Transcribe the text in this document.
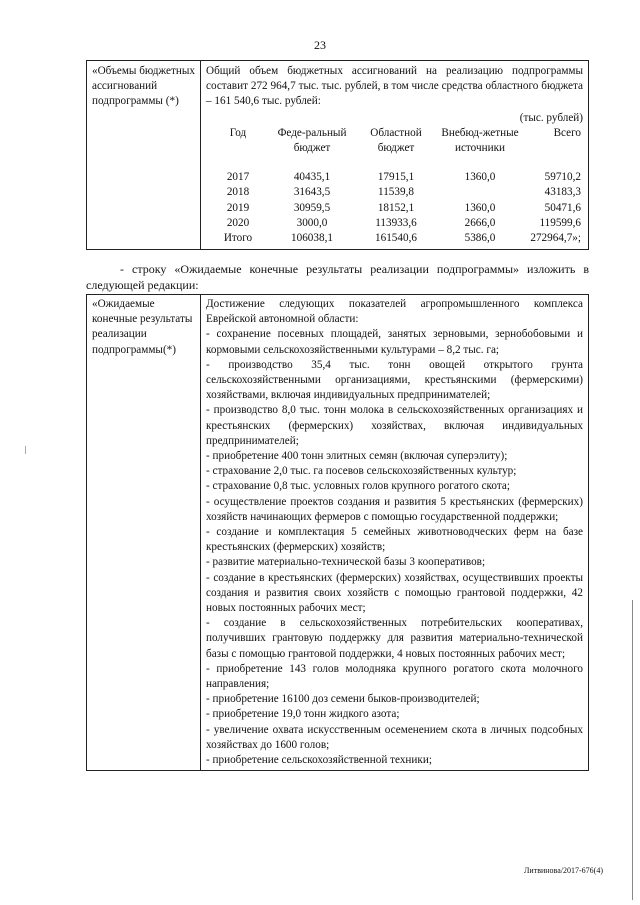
23
«Объемы бюджетных ассигнований подпрограммы (*)	
Общий объем бюджетных ассигнований на реализацию подпрограммы составит 272 964,7 тыс. тыс. рублей, в том числе средства областного бюджета – 161 540,6 тыс. рублей:
(тыс. рублей)
Год	Феде-ральный бюджет	Областной бюджет	Внебюд-жетные источники	Всего
2017	40435,1	17915,1	1360,0	59710,2
2018	31643,5	11539,8		43183,3
2019	30959,5	18152,1	1360,0	50471,6
2020	3000,0	113933,6	2666,0	119599,6
Итого	106038,1	161540,6	5386,0	272964,7»;
- строку «Ожидаемые конечные результаты реализации подпрограммы» изложить в следующей редакции:
«Ожидаемые конечные результаты реализации подпрограммы(*)	

Достижение следующих показателей агропромышленного комплекса Еврейской автономной области:

- сохранение посевных площадей, занятых зерновыми, зернобобовыми и кормовыми сельскохозяйственными культурами – 8,2 тыс. га;

- производство 35,4 тыс. тонн овощей открытого грунта сельскохозяйственными организациями, крестьянскими (фермерскими) хозяйствами, включая индивидуальных предпринимателей;

- производство 8,0 тыс. тонн молока в сельскохозяйственных организациях и крестьянских (фермерских) хозяйствах, включая индивидуальных предпринимателей;

- приобретение 400 тонн элитных семян (включая суперэлиту);

- страхование 2,0 тыс. га посевов сельскохозяйственных культур;

- страхование 0,8 тыс. условных голов крупного рогатого скота;

- осуществление проектов создания и развития 5 крестьянских (фермерских) хозяйств начинающих фермеров с помощью государственной поддержки;

- создание и комплектация 5 семейных животноводческих ферм на базе крестьянских (фермерских) хозяйств;

- развитие материально-технической базы 3 кооперативов;

- создание в крестьянских (фермерских) хозяйствах, осуществивших проекты создания и развития своих хозяйств с помощью грантовой поддержки, 42 новых постоянных рабочих мест;

- создание в сельскохозяйственных потребительских кооперативах, получивших грантовую поддержку для развития материально-технической базы с помощью грантовой поддержки, 4 новых постоянных рабочих мест;

- приобретение 143 голов молодняка крупного рогатого скота молочного направления;

- приобретение 16100 доз семени быков-производителей;

- приобретение 19,0 тонн жидкого азота;

- увеличение охвата искусственным осеменением скота в личных подсобных хозяйствах до 1600 голов;

- приобретение сельскохозяйственной техники;

Литвинова/2017-676(4)
